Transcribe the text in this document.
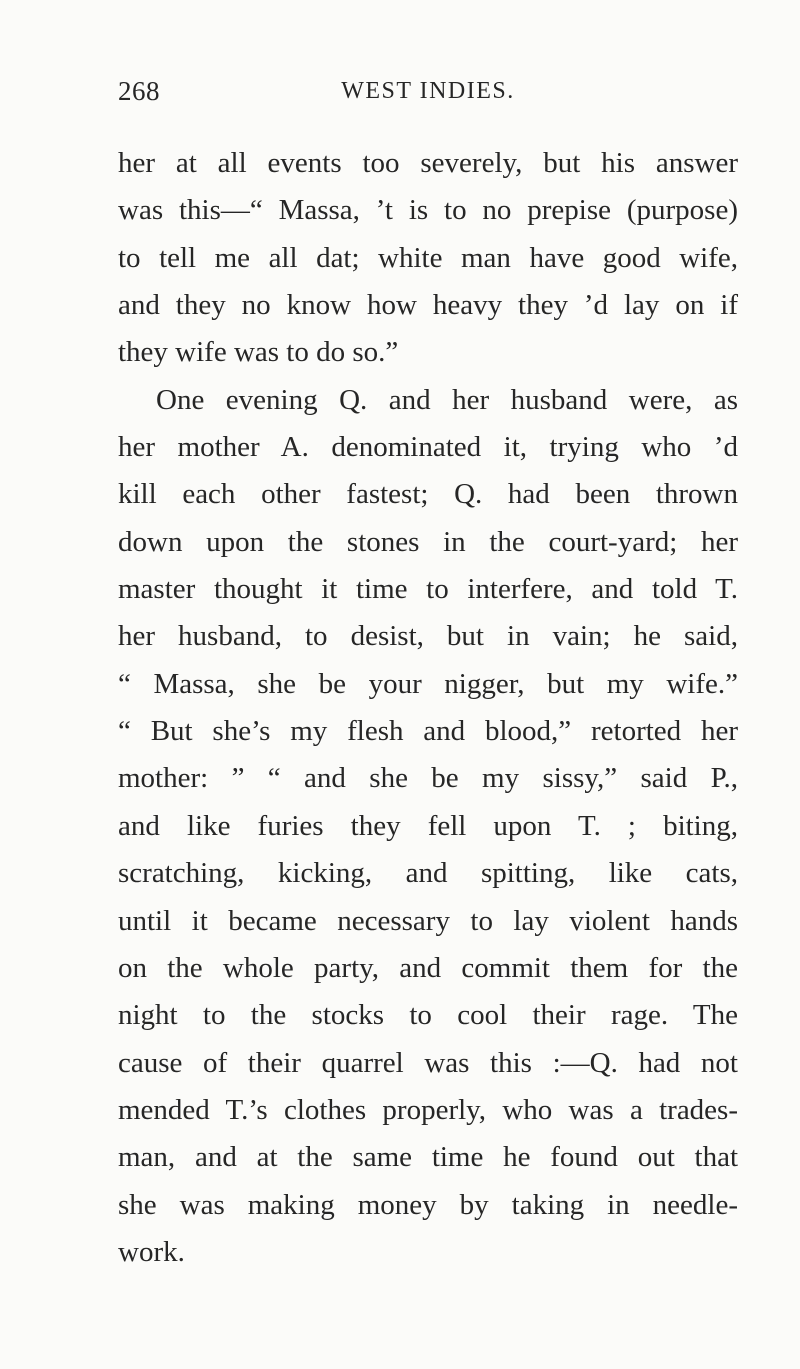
268	WEST INDIES.
her at all events too severely, but his answer
was this—“ Massa, ’t is to no prepise (purpose)
to tell me all dat; white man have good wife,
and they no know how heavy they ’d lay on if
they wife was to do so.”
One evening Q. and her husband were, as
her mother A. denominated it, trying who ’d
kill each other fastest; Q. had been thrown
down upon the stones in the court-yard; her
master thought it time to interfere, and told T.
her husband, to desist, but in vain; he said,
“ Massa, she be your nigger, but my wife.”
“ But she’s my flesh and blood,” retorted her
mother: ” “ and she be my sissy,” said P.,
and like furies they fell upon T. ; biting,
scratching, kicking, and spitting, like cats,
until it became necessary to lay violent hands
on the whole party, and commit them for the
night to the stocks to cool their rage. The
cause of their quarrel was this :—Q. had not
mended T.’s clothes properly, who was a trades-
man, and at the same time he found out that
she was making money by taking in needle-
work.
